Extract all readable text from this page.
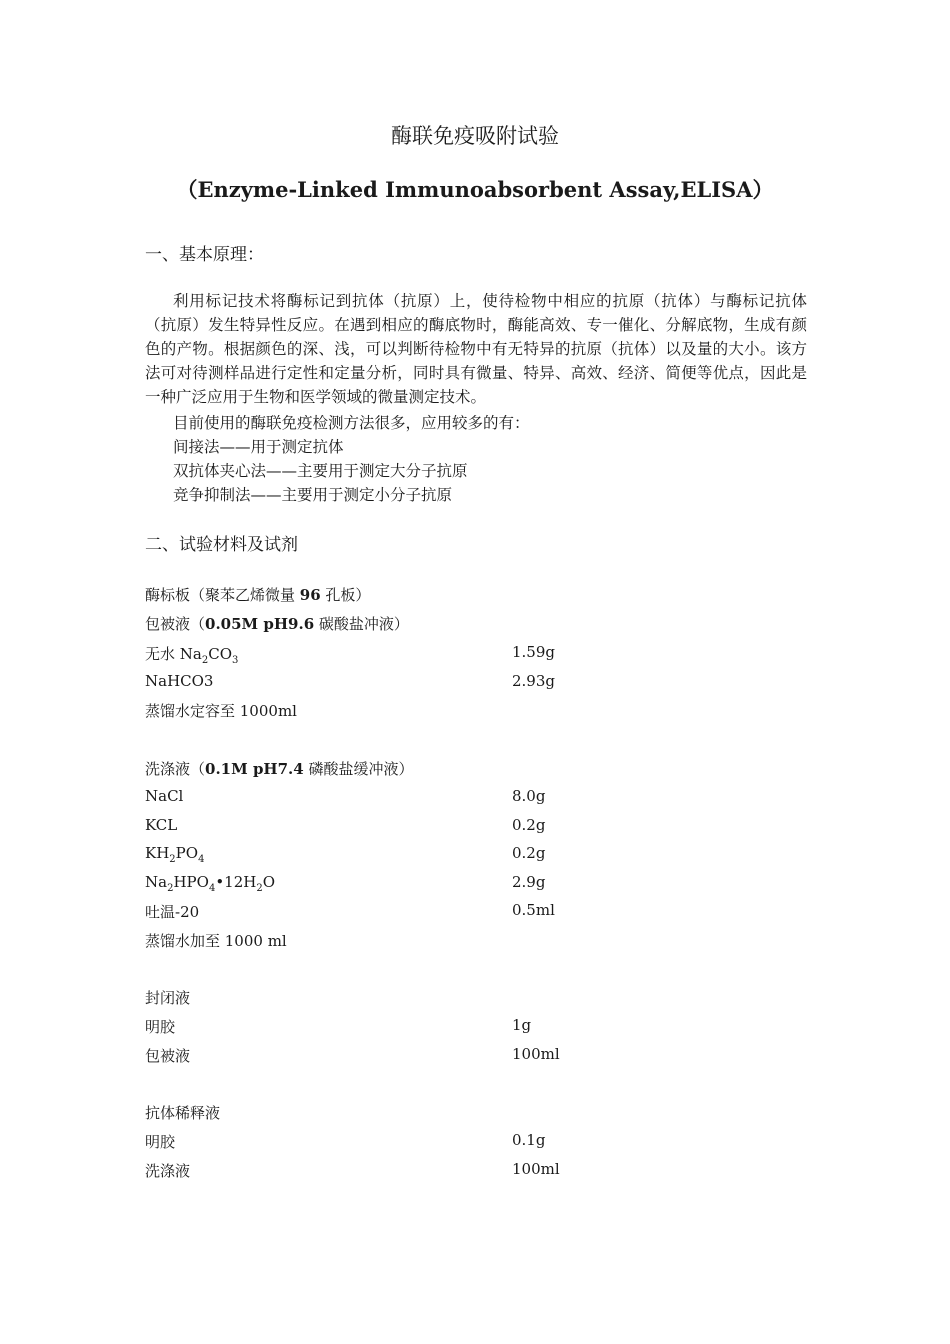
酶联免疫吸附试验
（Enzyme-Linked Immunoabsorbent Assay,ELISA）
一、基本原理：
利用标记技术将酶标记到抗体（抗原）上，使待检物中相应的抗原（抗体）与酶标记抗体（抗原）发生特异性反应。在遇到相应的酶底物时，酶能高效、专一催化、分解底物，生成有颜色的产物。根据颜色的深、浅，可以判断待检物中有无特异的抗原（抗体）以及量的大小。该方法可对待测样品进行定性和定量分析，同时具有微量、特异、高效、经济、简便等优点，因此是一种广泛应用于生物和医学领域的微量测定技术。
目前使用的酶联免疫检测方法很多，应用较多的有：
间接法——用于测定抗体
双抗体夹心法——主要用于测定大分子抗原
竞争抑制法——主要用于测定小分子抗原
二、试验材料及试剂
酶标板（聚苯乙烯微量 96 孔板）
包被液（0.05M pH9.6 碳酸盐冲液）
无水 $Na_2CO_3$	1.59g
NaHCO3	2.93g
蒸馏水定容至 1000ml
洗涤液（0.1M pH7.4 磷酸盐缓冲液）
NaCl	8.0g
KCL	0.2g
$KH_2PO_4$	0.2g
$Na_2HPO_4•12H_2O$	2.9g
吐温-20	0.5ml
蒸馏水加至 1000 ml
封闭液
明胶	1g
包被液	100ml
抗体稀释液
明胶	0.1g
洗涤液	100ml
